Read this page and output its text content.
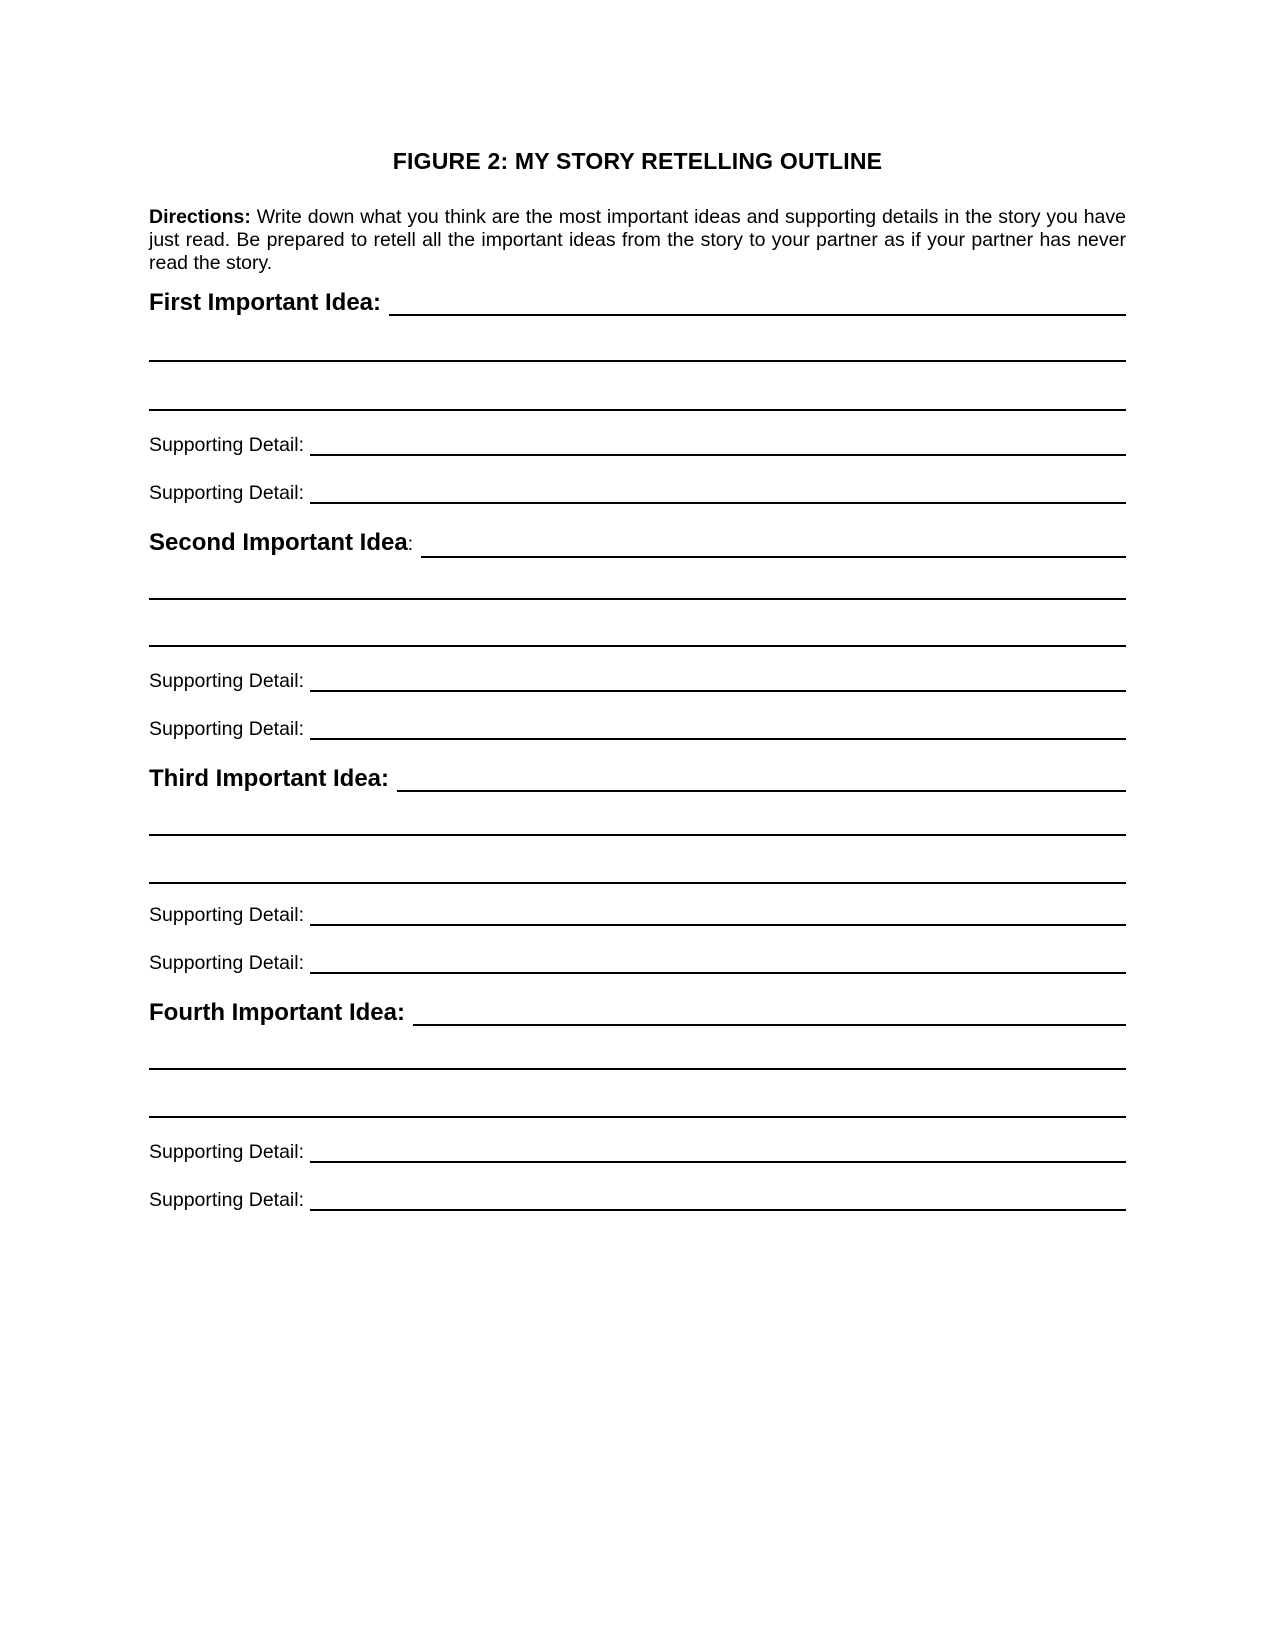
FIGURE 2: MY STORY RETELLING OUTLINE
Directions: Write down what you think are the most important ideas and supporting details in the story you have just read. Be prepared to retell all the important ideas from the story to your partner as if your partner has never read the story.
First Important Idea:
Supporting Detail:
Supporting Detail:
Second Important Idea:
Supporting Detail:
Supporting Detail:
Third Important Idea:
Supporting Detail:
Supporting Detail:
Fourth Important Idea:
Supporting Detail:
Supporting Detail:
